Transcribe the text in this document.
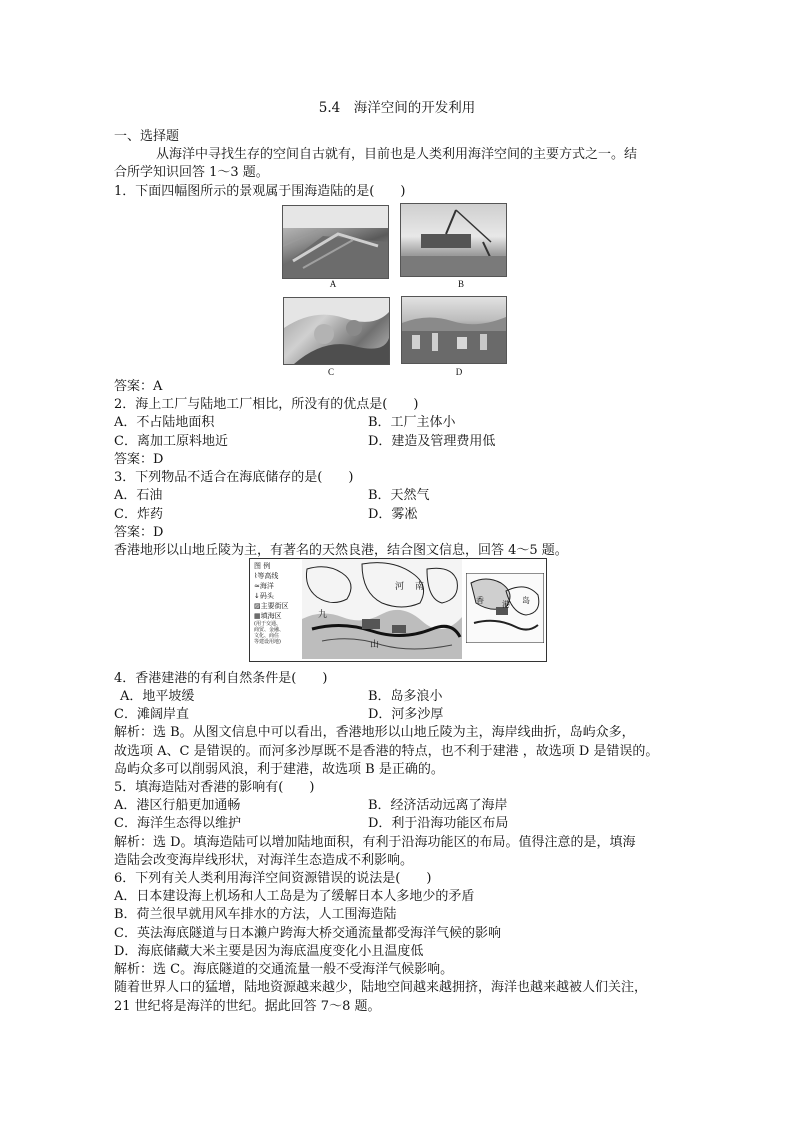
5.4　海洋空间的开发利用
一、选择题
从海洋中寻找生存的空间自古就有，目前也是人类利用海洋空间的主要方式之一。结
合所学知识回答 1～3 题。
1．下面四幅图所示的景观属于围海造陆的是(　　)
A	B
C	D
答案：A
2．海上工厂与陆地工厂相比，所没有的优点是(　　)
A．不占陆地面积	B．工厂主体小
C．离加工原料地近	D．建造及管理费用低
答案：D
3．下列物品不适合在海底储存的是(　　)
A．石油	B．天然气
C．炸药	D．雾凇
答案：D
香港地形以山地丘陵为主，有著名的天然良港，结合图文信息，回答 4～5 题。
图 例
⌇等高线
≈海洋
↓码头
▨主要街区
▦填海区
(用于交通、
商贸、金融、
文化、商住
等建设用地)
九
河 南
山
香 港 岛
4．香港建港的有利自然条件是(　　)
A．地平坡缓	B．岛多浪小
C．滩阔岸直	D．河多沙厚
解析：选 B。从图文信息中可以看出，香港地形以山地丘陵为主，海岸线曲折，岛屿众多，
故选项 A、C 是错误的。而河多沙厚既不是香港的特点，也不利于建港 ，故选项 D 是错误的。
岛屿众多可以削弱风浪，利于建港，故选项 B 是正确的。
5．填海造陆对香港的影响有(　　)
A．港区行船更加通畅	B．经济活动远离了海岸
C．海洋生态得以维护	D．利于沿海功能区布局
解析：选 D。填海造陆可以增加陆地面积，有利于沿海功能区的布局。值得注意的是，填海
造陆会改变海岸线形状，对海洋生态造成不利影响。
6．下列有关人类利用海洋空间资源错误的说法是(　　)
A．日本建设海上机场和人工岛是为了缓解日本人多地少的矛盾
B．荷兰很早就用风车排水的方法，人工围海造陆
C．英法海底隧道与日本濑户跨海大桥交通流量都受海洋气候的影响
D．海底储藏大米主要是因为海底温度变化小且温度低
解析：选 C。海底隧道的交通流量一般不受海洋气候影响。
随着世界人口的猛增，陆地资源越来越少，陆地空间越来越拥挤，海洋也越来越被人们关注，
21 世纪将是海洋的世纪。据此回答 7～8 题。
